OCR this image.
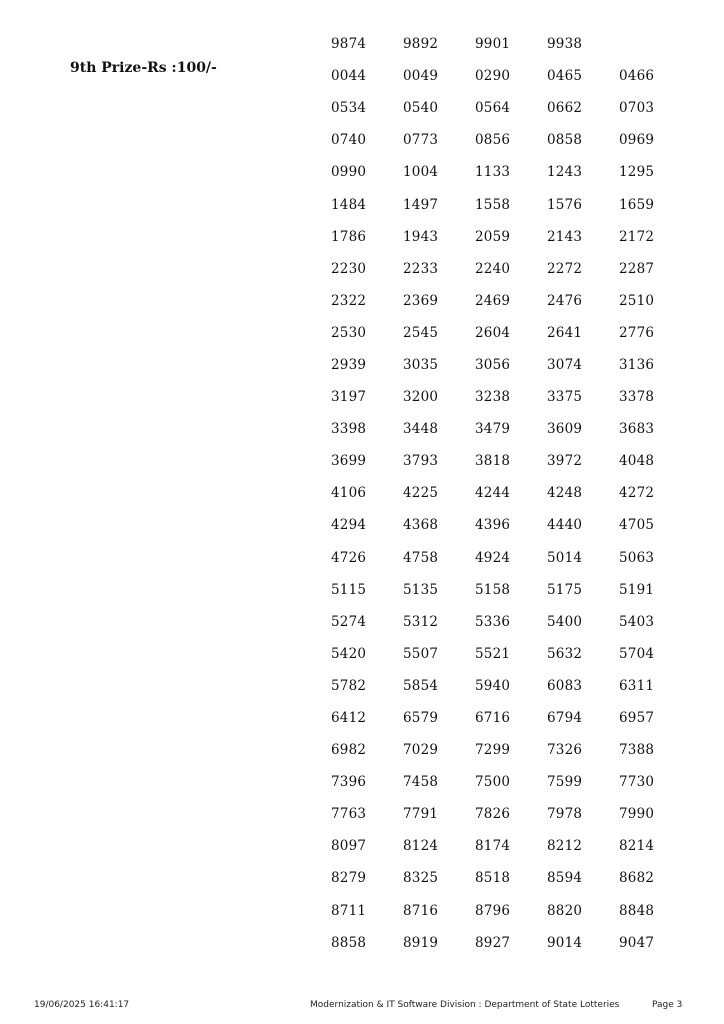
9th Prize-Rs :100/-
9874	9892	9901	9938
0044	0049	0290	0465	0466
0534	0540	0564	0662	0703
0740	0773	0856	0858	0969
0990	1004	1133	1243	1295
1484	1497	1558	1576	1659
1786	1943	2059	2143	2172
2230	2233	2240	2272	2287
2322	2369	2469	2476	2510
2530	2545	2604	2641	2776
2939	3035	3056	3074	3136
3197	3200	3238	3375	3378
3398	3448	3479	3609	3683
3699	3793	3818	3972	4048
4106	4225	4244	4248	4272
4294	4368	4396	4440	4705
4726	4758	4924	5014	5063
5115	5135	5158	5175	5191
5274	5312	5336	5400	5403
5420	5507	5521	5632	5704
5782	5854	5940	6083	6311
6412	6579	6716	6794	6957
6982	7029	7299	7326	7388
7396	7458	7500	7599	7730
7763	7791	7826	7978	7990
8097	8124	8174	8212	8214
8279	8325	8518	8594	8682
8711	8716	8796	8820	8848
8858	8919	8927	9014	9047
19/06/2025 16:41:17	Modernization & IT Software Division : Department of State Lotteries	Page 3
